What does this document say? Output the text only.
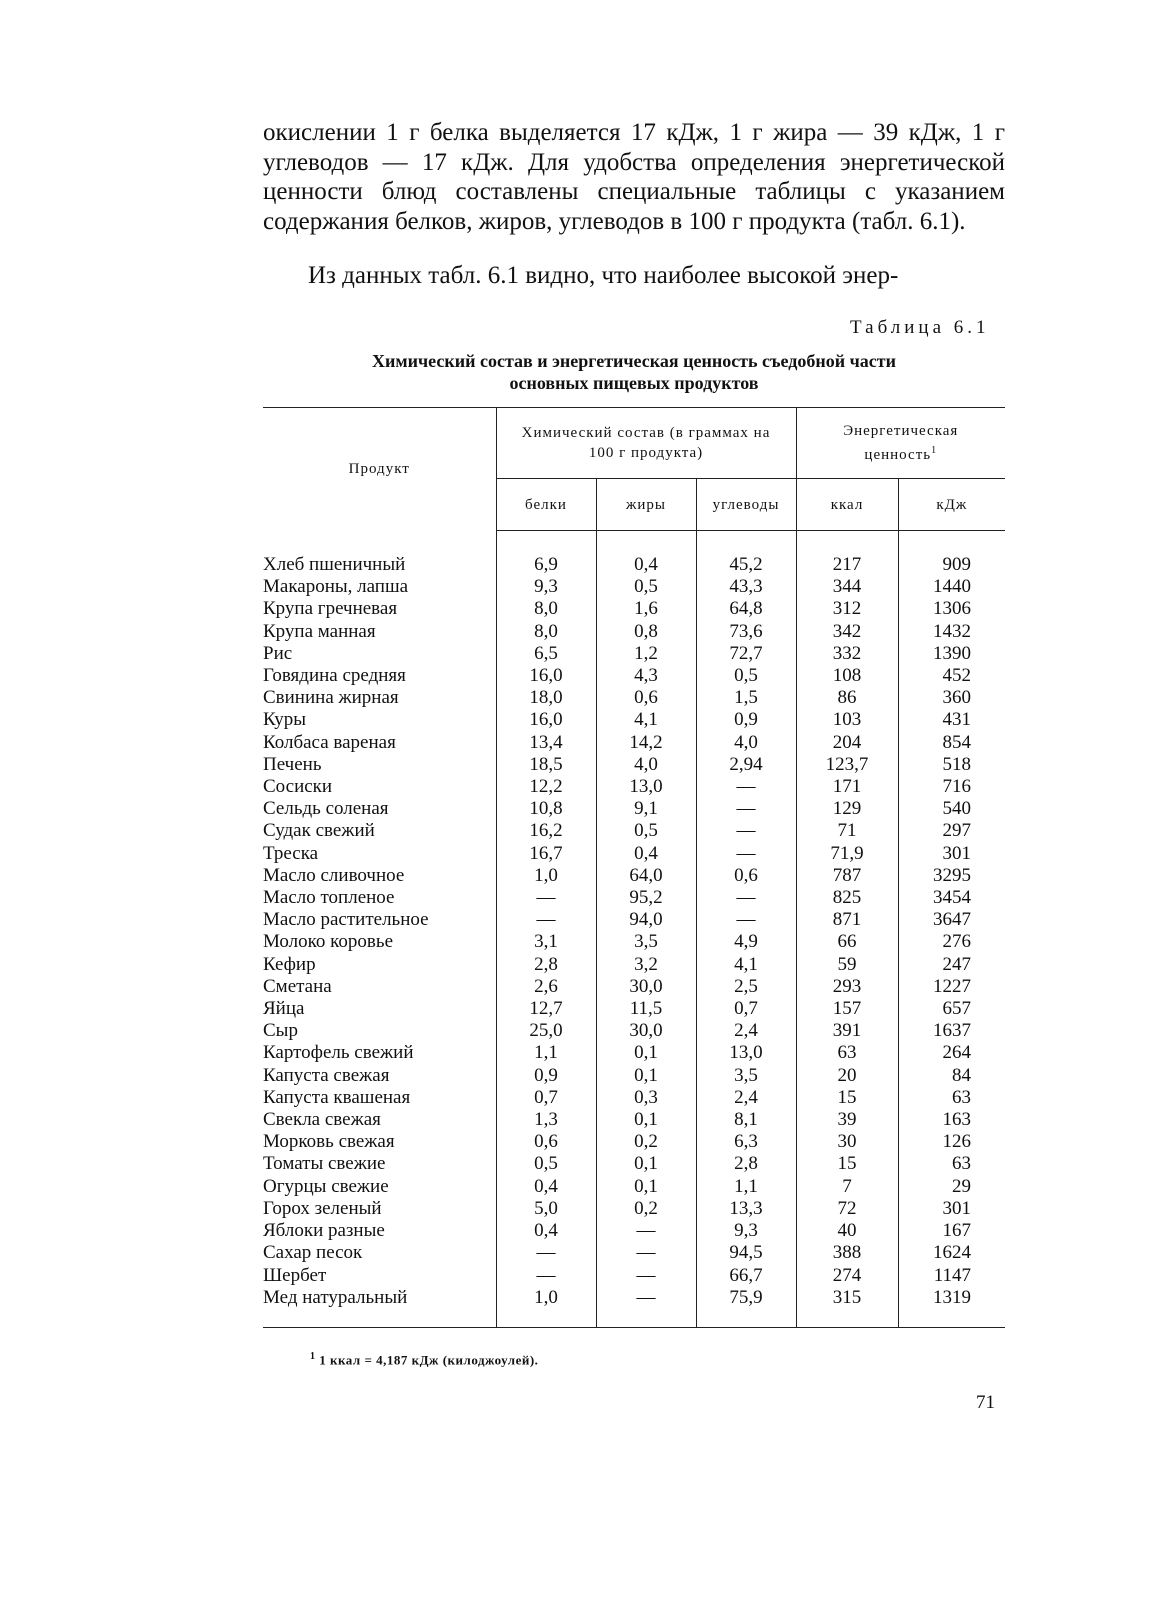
окислении 1 г белка выделяется 17 кДж, 1 г жира — 39 кДж, 1 г углеводов — 17 кДж. Для удобства определения энергетической ценности блюд составлены специальные таблицы с указанием содержания белков, жиров, углеводов в 100 г продукта (табл. 6.1).

Из данных табл. 6.1 видно, что наиболее высокой энер-

Таблица 6.1
Химический состав и энергетическая ценность съедобной части
основных пищевых продуктов
Продукт	Химический состав (в граммах на 100 г продукта)			Энергетическая ценность$^1$

	белки	жиры	углеводы	ккал	кДж

Хлеб пшеничный	6,9	0,4	45,2	217	909
Макароны, лапша	9,3	0,5	43,3	344	1440
Крупа гречневая	8,0	1,6	64,8	312	1306
Крупа манная	8,0	0,8	73,6	342	1432
Рис	6,5	1,2	72,7	332	1390
Говядина средняя	16,0	4,3	0,5	108	452
Свинина жирная	18,0	0,6	1,5	86	360
Куры	16,0	4,1	0,9	103	431
Колбаса вареная	13,4	14,2	4,0	204	854
Печень	18,5	4,0	2,94	123,7	518
Сосиски	12,2	13,0	—	171	716
Сельдь соленая	10,8	9,1	—	129	540
Судак свежий	16,2	0,5	—	71	297
Треска	16,7	0,4	—	71,9	301
Масло сливочное	1,0	64,0	0,6	787	3295
Масло топленое	—	95,2	—	825	3454
Масло растительное	—	94,0	—	871	3647
Молоко коровье	3,1	3,5	4,9	66	276
Кефир	2,8	3,2	4,1	59	247
Сметана	2,6	30,0	2,5	293	1227
Яйца	12,7	11,5	0,7	157	657
Сыр	25,0	30,0	2,4	391	1637
Картофель свежий	1,1	0,1	13,0	63	264
Капуста свежая	0,9	0,1	3,5	20	84
Капуста квашеная	0,7	0,3	2,4	15	63
Свекла свежая	1,3	0,1	8,1	39	163
Морковь свежая	0,6	0,2	6,3	30	126
Томаты свежие	0,5	0,1	2,8	15	63
Огурцы свежие	0,4	0,1	1,1	7	29
Горох зеленый	5,0	0,2	13,3	72	301
Яблоки разные	0,4	—	9,3	40	167
Сахар песок	—	—	94,5	388	1624
Шербет	—	—	66,7	274	1147
Мед натуральный	1,0	—	75,9	315	1319
$^1$ 1 ккал = 4,187 кДж (килоджоулей).
71
